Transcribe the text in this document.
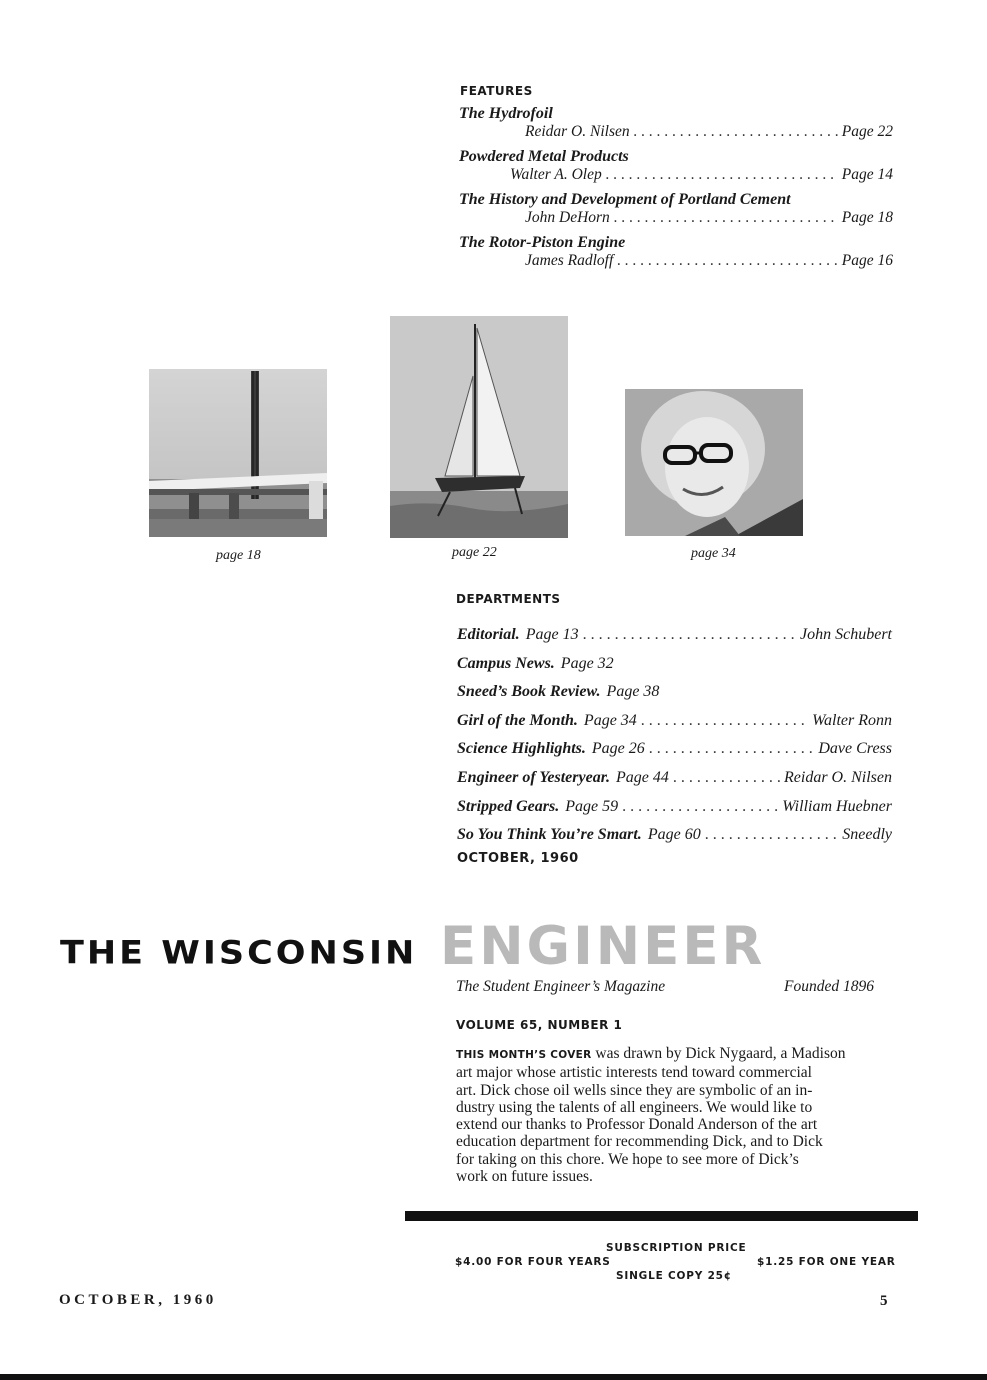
FEATURES
The Hydrofoil
Reidar O. Nilsen . . .	Page 22
Powdered Metal Products
Walter A. Olep . . .	Page 14
The History and Development of Portland Cement
John DeHorn . . .	Page 18
The Rotor-Piston Engine
James Radloff . . .	Page 16
page 18	page 22	page 34
DEPARTMENTS
Editorial. Page 13 . . .	John Schubert
Campus News. Page 32
Sneed’s Book Review. Page 38
Girl of the Month. Page 34 . . .	Walter Ronn
Science Highlights. Page 26 . . .	Dave Cress
Engineer of Yesteryear. Page 44 . . .	Reidar O. Nilsen
Stripped Gears. Page 59 . . .	William Huebner
So You Think You’re Smart. Page 60 . . .	Sneedly
OCTOBER, 1960
THE WISCONSIN ENGINEER
The Student Engineer’s Magazine	Founded 1896
VOLUME 65, NUMBER 1
THIS MONTH’S COVER was drawn by Dick Nygaard, a Madison
art major whose artistic interests tend toward commercial
art. Dick chose oil wells since they are symbolic of an in-
dustry using the talents of all engineers. We would like to
extend our thanks to Professor Donald Anderson of the art
education department for recommending Dick, and to Dick
for taking on this chore. We hope to see more of Dick’s
work on future issues.
SUBSCRIPTION PRICE
$4.00 FOR FOUR YEARS	$1.25 FOR ONE YEAR
SINGLE COPY 25¢
OCTOBER, 1960	5
